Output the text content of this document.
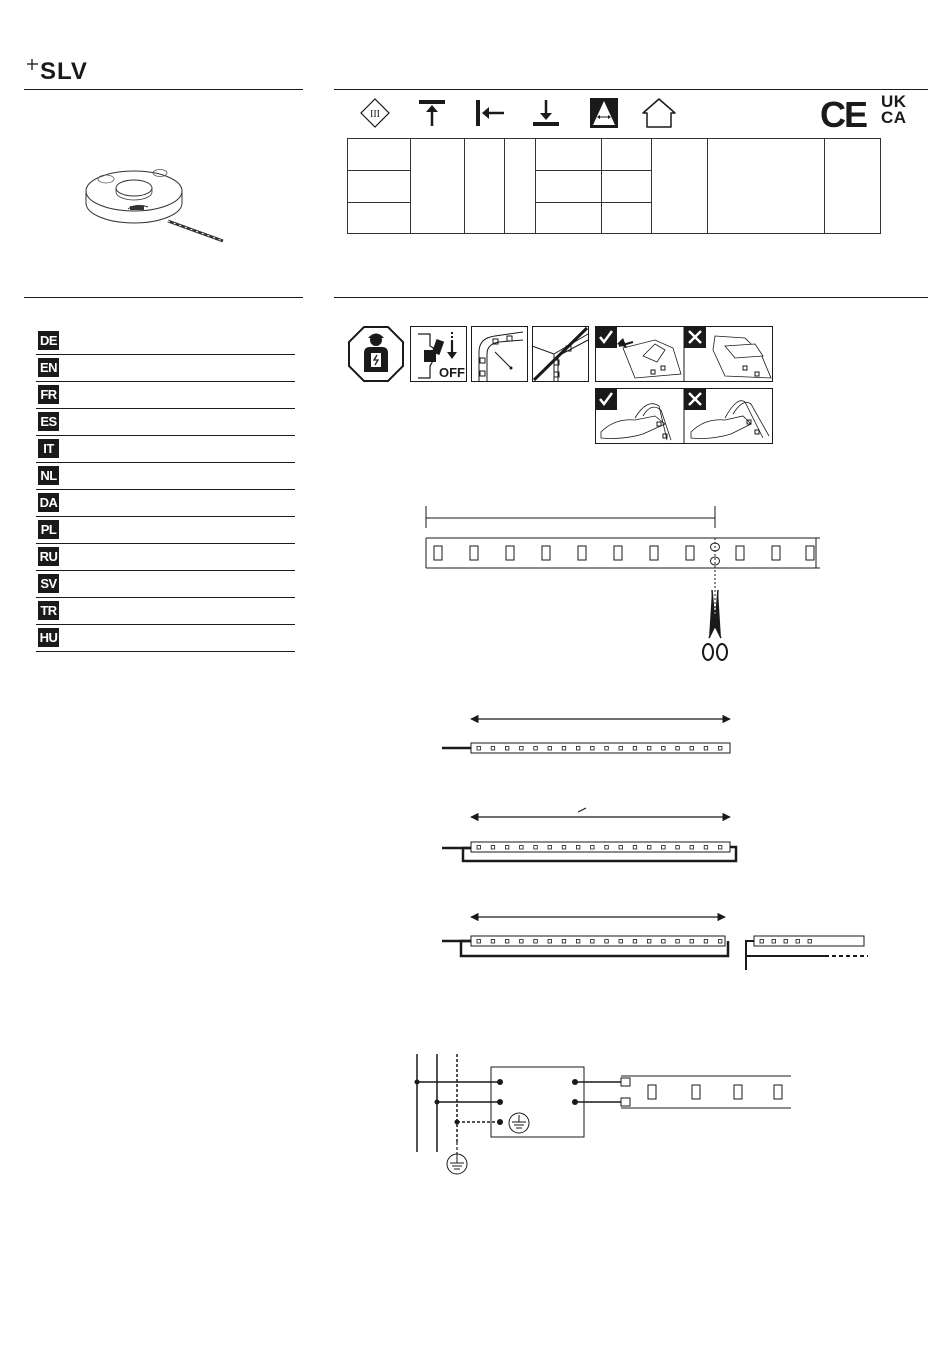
SLV
III	CE UK
CA

DE
EN
FR
ES
IT
NL
DA
PL
RU
SV
TR
HU
OFF
